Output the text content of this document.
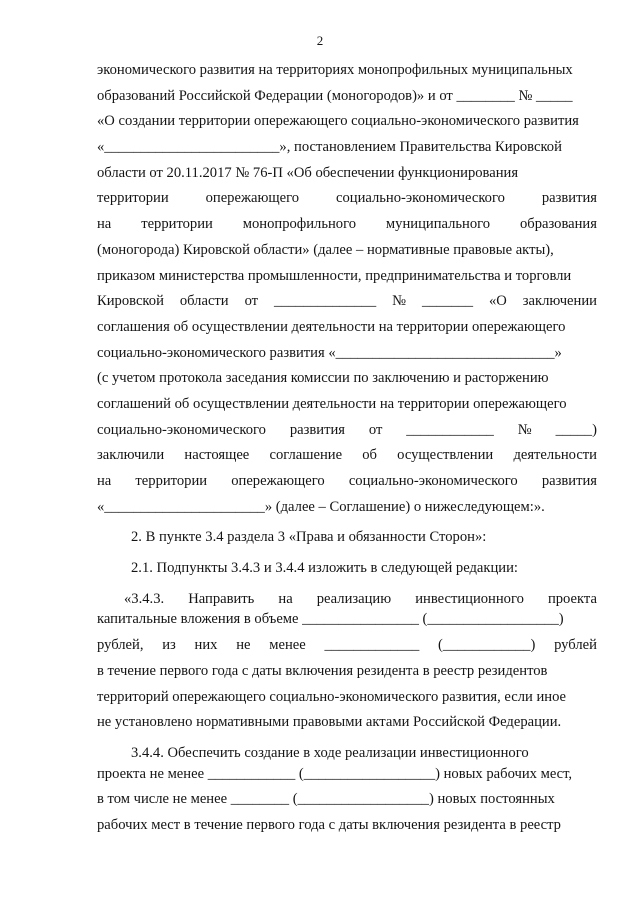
2
экономического развития на территориях монопрофильных муниципальных
образований Российской Федерации (моногородов)» и от ________ № _____
«О создании территории опережающего социально-экономического развития
«________________________», постановлением Правительства Кировской
области от 20.11.2017 № 76-П «Об обеспечении функционирования
территории	опережающего	социально-экономического	развития
на территории монопрофильного муниципального образования
(моногорода) Кировской области» (далее – нормативные правовые акты),
приказом министерства промышленности, предпринимательства и торговли
Кировской области от ______________ № _______ «О заключении
соглашения об осуществлении деятельности на территории опережающего
социально-экономического развития «______________________________»
(с учетом протокола заседания комиссии по заключению и расторжению
соглашений об осуществлении деятельности на территории опережающего
социально-экономического развития от ____________ № _____)
заключили настоящее соглашение об осуществлении деятельности
на территории опережающего социально-экономического развития
«______________________» (далее – Соглашение) о нижеследующем:».
2. В пункте 3.4 раздела 3 «Права и обязанности Сторон»:
2.1. Подпункты 3.4.3 и 3.4.4 изложить в следующей редакции:
«3.4.3. Направить на реализацию инвестиционного проекта
капитальные вложения в объеме ________________ (__________________)
рублей, из них не менее _____________ (____________) рублей
в течение первого года с даты включения резидента в реестр резидентов
территорий опережающего социально-экономического развития, если иное
не установлено нормативными правовыми актами Российской Федерации.
3.4.4. Обеспечить создание в ходе реализации инвестиционного
проекта не менее ____________ (__________________) новых рабочих мест,
в том числе не менее ________ (__________________) новых постоянных
рабочих мест в течение первого года с даты включения резидента в реестр
